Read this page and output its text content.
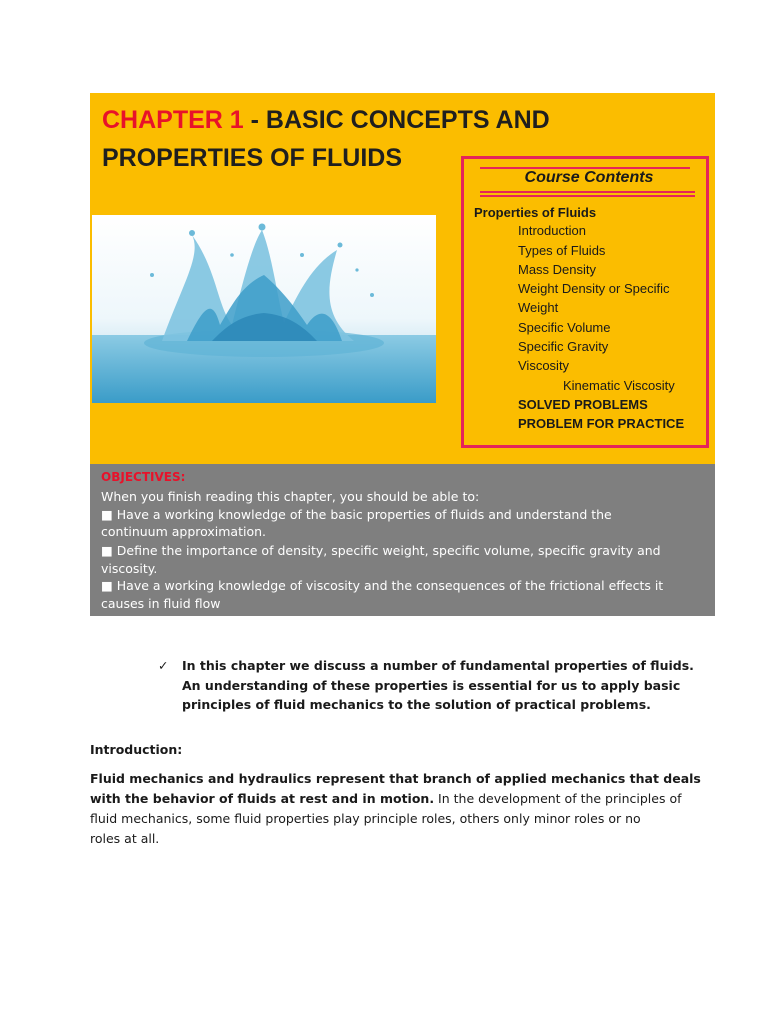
CHAPTER 1 - BASIC CONCEPTS AND
PROPERTIES OF FLUIDS
Course Contents
Properties of Fluids
Introduction
Types of Fluids
Mass Density
Weight Density or Specific
Weight
Specific Volume
Specific Gravity
Viscosity
Kinematic Viscosity
SOLVED PROBLEMS
PROBLEM FOR PRACTICE
OBJECTIVES:
When you finish reading this chapter, you should be able to:
■ Have a working knowledge of the basic properties of fluids and understand the
continuum approximation.
■ Define the importance of density, specific weight, specific volume, specific gravity and
viscosity.
■ Have a working knowledge of viscosity and the consequences of the frictional effects it
causes in fluid flow
✓ In this chapter we discuss a number of fundamental properties of fluids.
An understanding of these properties is essential for us to apply basic
principles of fluid mechanics to the solution of practical problems.
Introduction:
Fluid mechanics and hydraulics represent that branch of applied mechanics that deals
with the behavior of fluids at rest and in motion. In the development of the principles of
fluid mechanics, some fluid properties play principle roles, others only minor roles or no
roles at all.
